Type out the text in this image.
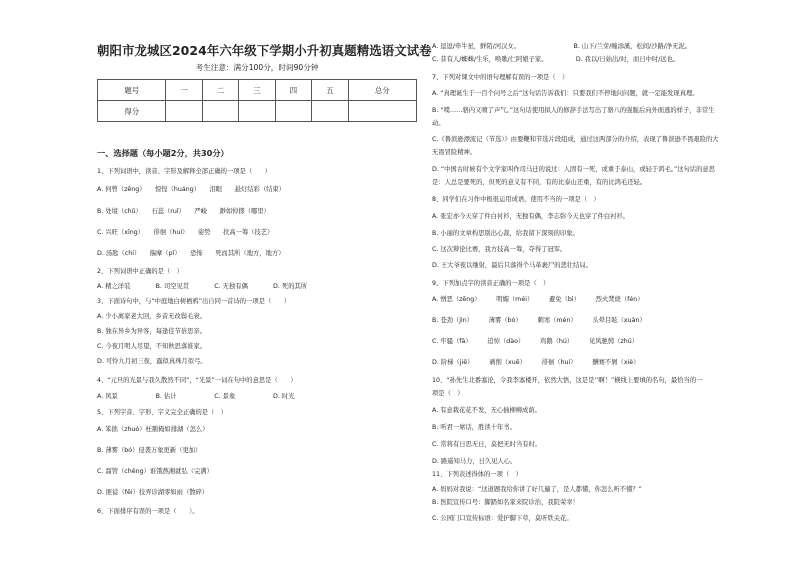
朝阳市龙城区2024年六年级下学期小升初真题精选语文试卷
考生注意：满分100分，时间90分钟
题号	一	二	三	四	五	总分
得分						
一、选择题（每小题2分，共30分）
1、下列词语中，读音、字形及解释全部正确的一项是（　　）
A. 何曾（zēng）　　惊惶（huáng）　　泪眼　　悬灯结彩（结束）
B. 处境（chǔ）　　石蕊（ruǐ）　　严峻　　渺如悼搽（哪里）
C. 兴旺（xīng）　　徘徊（huí）　　姿势　　扶高一筹（技艺）
D. 汤匙（chí）　　揣摩（pǐ）　　恐怖　　死而其所（地方，地方）
2、下列词语中正确的是（　）
A. 精之洋装　　　　B. 司空见贯　　　　C. 无独有偶　　　　D. 死的其所
3、下面诗句中，与“中庭地白树栖鸦”出自同一首诗的一项是（　　）
A. 少小离家老大回，乡音无改鬓毛衰。
B. 独在异乡为异客，每逢佳节倍思亲。
C. 今夜月明人尽望，不知秋思落谁家。
D. 可怜九月初三夜，露似真珠月似弓。
4、“元旦的光景与我久散然不同”，“光景”一词在句中的意思是（　　）
A. 风景　　　　　　B. 估计　　　　　　C. 景象　　　　　　D. 时光
5、下列字音、字形、字义完全正确的是（　）
A. 笨拙（zhuó）枉鹅掩如排湖（怎么）
B. 薄雾（bó）侵袭万象更新（更加）
C. 溜管（chěng）谁饿熬湘就弘（完满）
D. 匪徒（fěi）技弄诊湖零如雨（散碎）
6、下面排序有误的一项是（　　）。
A. 逗逗/牵牛星，鲜陌/河汉女。　　　　　　　　　B. 山下/兰芽/缠添溪，松间/沙路/净无泥。
C. 昔有人/蜘蛛/生乐，唤歌/仁阿娘子家。　　　　　D. 我以/日始出/时，而日中时/远也。
7、下列对课文中的语句理解有误的一项是（　）
A. “真理诞生于一百个问号之后”这句话告诉我们：只要我们不停地问问题，就一定能发现真理。
B. “噗……骆内又喷了声气。”这句话使用拟人的修辞手法写出了骆八的强脆后向外面逃的样子，非常生
动。
C.《鲁滨逊漂流记（节选）》由要鞭和节选片段组成，通过这两部分的介绍，表现了鲁滨逊不畏艰险的大
无畏冒险精神。
D. “中国古时候有个文学家叫作司马迁的说过：人固有一死，或重于泰山，或轻于鸿毛。”这句话的意思
是：人总是要死的，但死的意义有不同，有的比泰山还重，有的比鸿毛还轻。
8、同学们在习作中极很运用成语，使用不当的一项是（　）
A. 张宏亦今天穿了件白衬衫，无独有偶，李志弥今天也穿了件白衬衫。
B. 小丽的文章构思别出心裁，给我留下深刻的印象。
C. 这次辩论比赛，我方技高一筹，夺得了冠军。
D. 王大爷夜以继射，最后只落得个马革裹尸的悲壮结局。
9、下列加点字的读音正确的一项是（　）
A. 憎恶（zēng）　　　明媚（méi）　　　避免（bì）　　　烈火焚烧（fén）
B. 苍劲（jìn）　　　薄雾（bó）　　　刺寒（mén）　　　头晕目眩（xuàn）
C. 牢骚（fā）　　　追悼（dào）　　　鸡鹅（hú）　　　见风驰骋（zhū）
D. 阶梯（jiē）　　　剥削（xuē）　　　徘徊（huí）　　　酬赛不屑（xiè）
10、“孙先生北番塞论，令我李塞楼开，依然大悟，这是是‘’啊！”横线上要填的名句，最恰当的一
项是（　）
A. 有意栽花花不发，无心插柳柳成荫。
B. 听君一席话，胜读十年书。
C. 常将有日思无日，莫把无时当有时。
D. 路遥知马力，日久见人心。
11、下列表述得体的一项（　）
A. 妈妈对我说：“这道题我给你讲了好几遍了，是人都懂，你怎么听不懂？”
B. 医院宣传口号：脚踏如名家来院诊治，我院荣幸！
C. 公园门口宣传标语：爱护脚下草，莫听铁关花。
